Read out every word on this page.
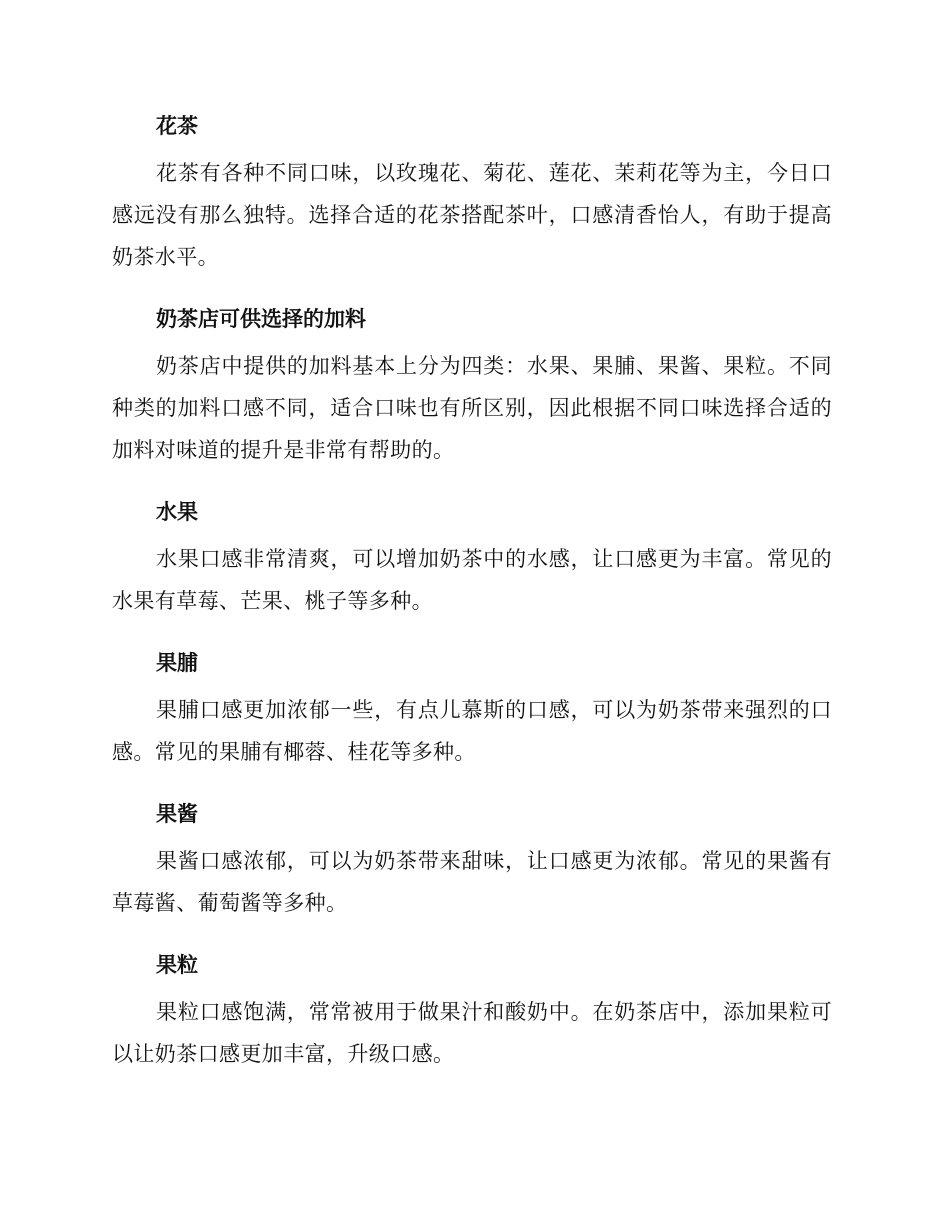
花茶

花茶有各种不同口味，以玫瑰花、菊花、莲花、茉莉花等为主，今日口感远没有那么独特。选择合适的花茶搭配茶叶，口感清香怡人，有助于提高奶茶水平。

奶茶店可供选择的加料

奶茶店中提供的加料基本上分为四类：水果、果脯、果酱、果粒。不同种类的加料口感不同，适合口味也有所区别，因此根据不同口味选择合适的加料对味道的提升是非常有帮助的。

水果

水果口感非常清爽，可以增加奶茶中的水感，让口感更为丰富。常见的水果有草莓、芒果、桃子等多种。

果脯

果脯口感更加浓郁一些，有点儿慕斯的口感，可以为奶茶带来强烈的口感。常见的果脯有椰蓉、桂花等多种。

果酱

果酱口感浓郁，可以为奶茶带来甜味，让口感更为浓郁。常见的果酱有草莓酱、葡萄酱等多种。

果粒

果粒口感饱满，常常被用于做果汁和酸奶中。在奶茶店中，添加果粒可以让奶茶口感更加丰富，升级口感。
